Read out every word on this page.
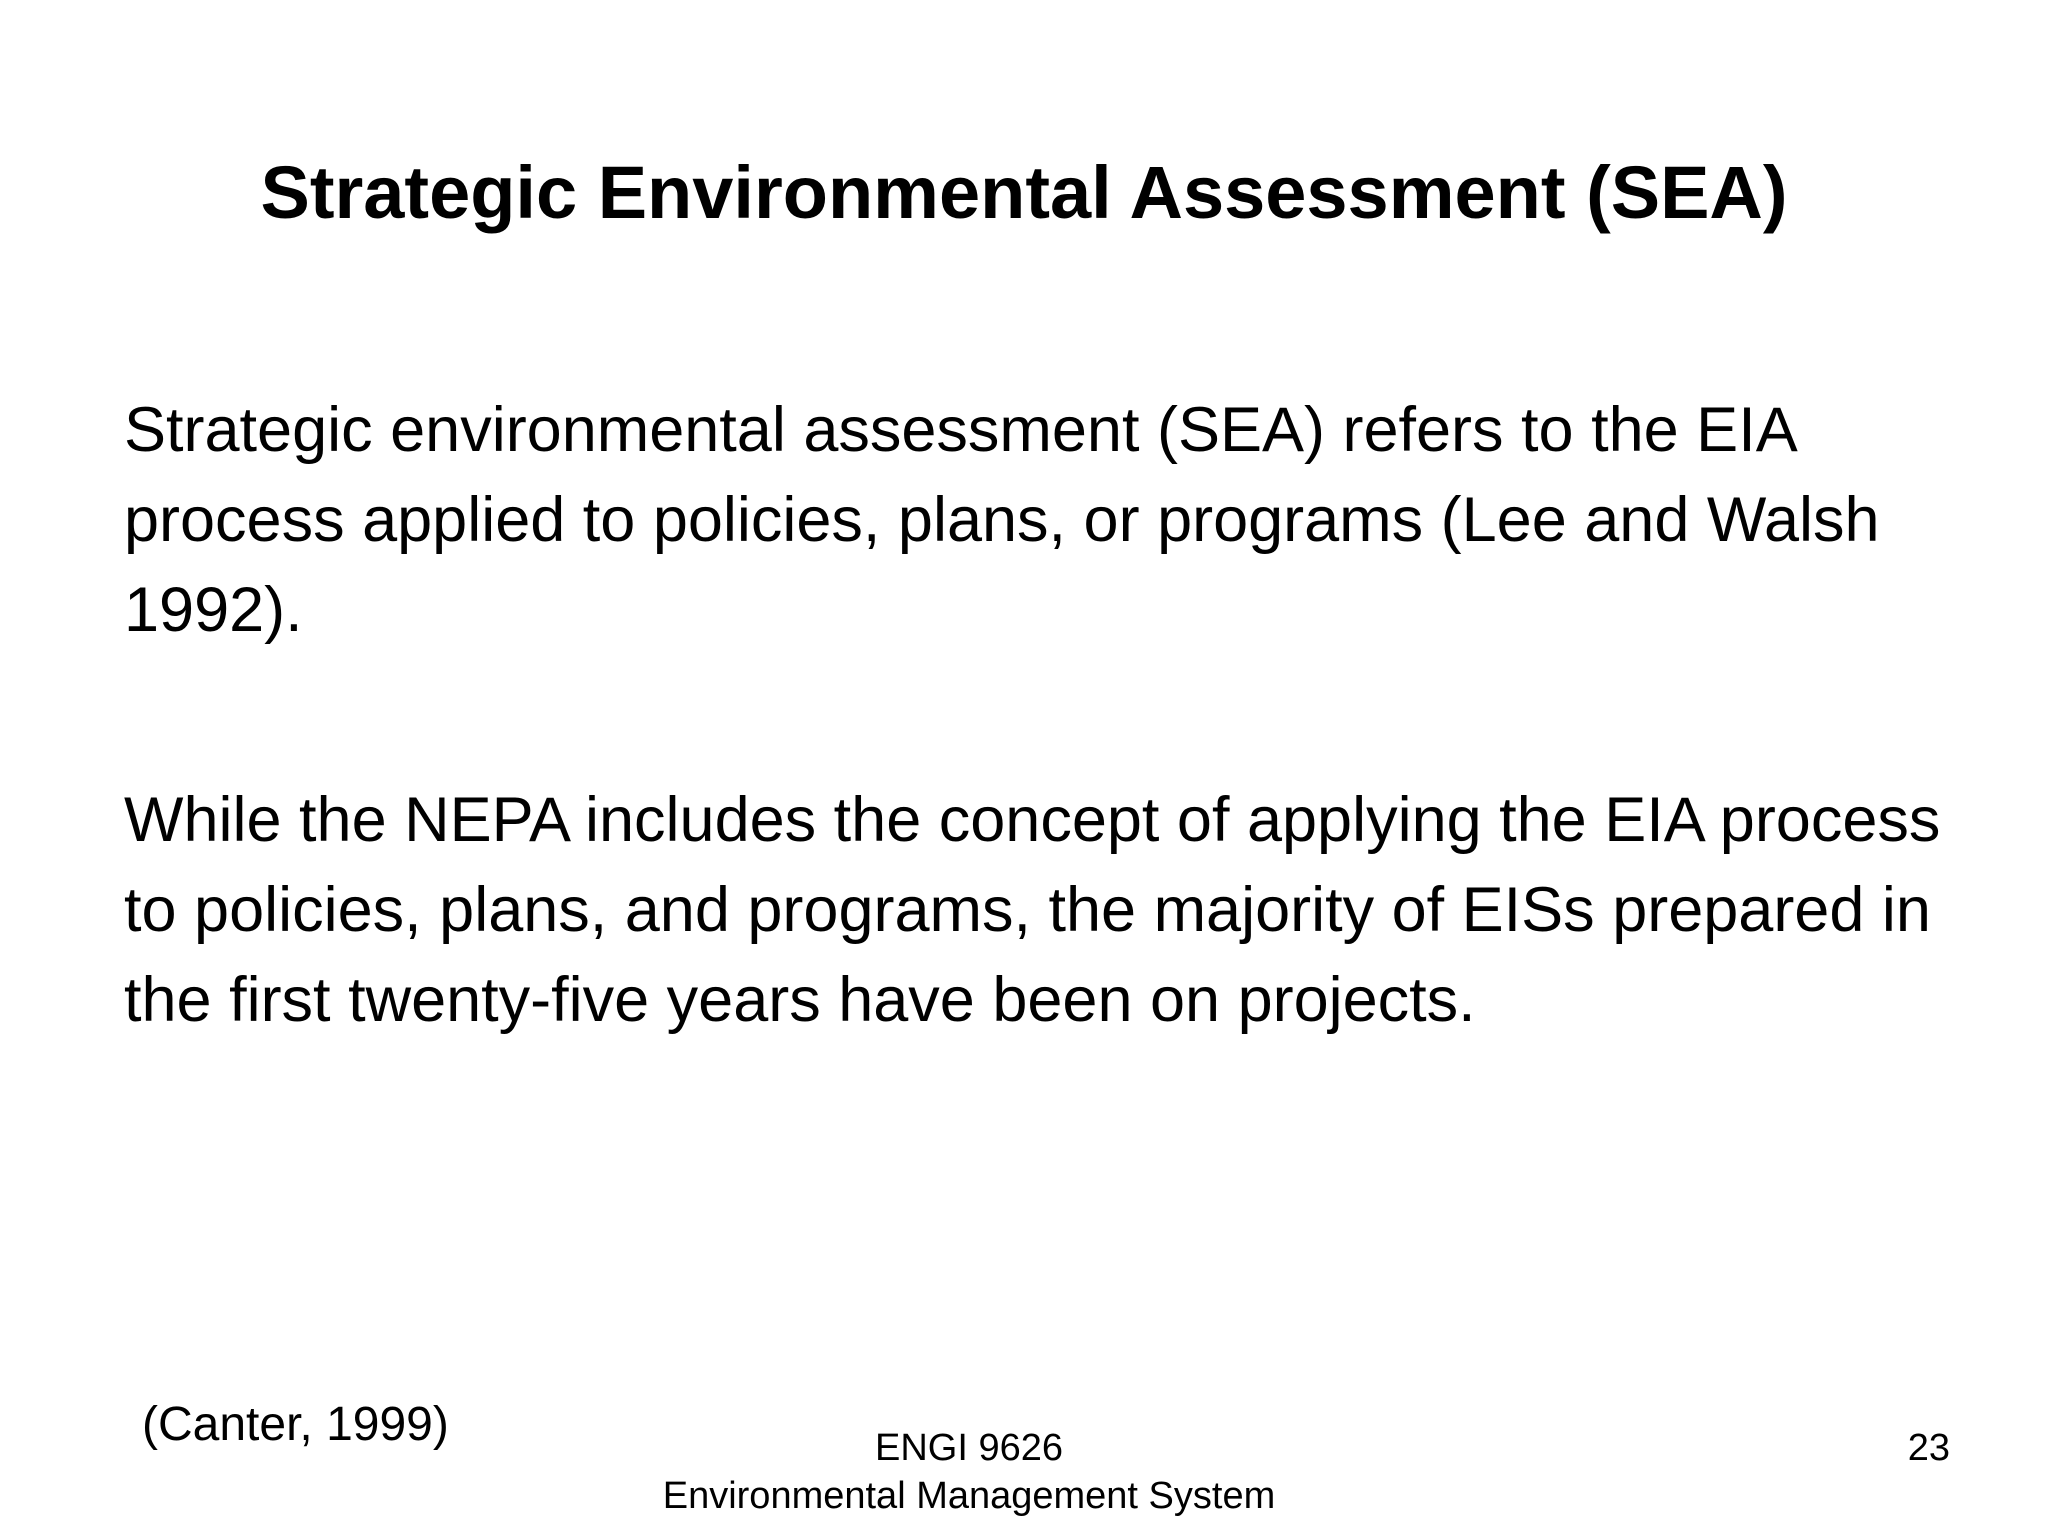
Strategic Environmental Assessment (SEA)

Strategic environmental assessment (SEA) refers to the EIA process applied to policies, plans, or programs (Lee and Walsh 1992).

While the NEPA includes the concept of applying the EIA process to policies, plans, and programs, the majority of EISs prepared in the first twenty-five years have been on projects.

(Canter, 1999)	ENGI 9626
Environmental Management System
23
